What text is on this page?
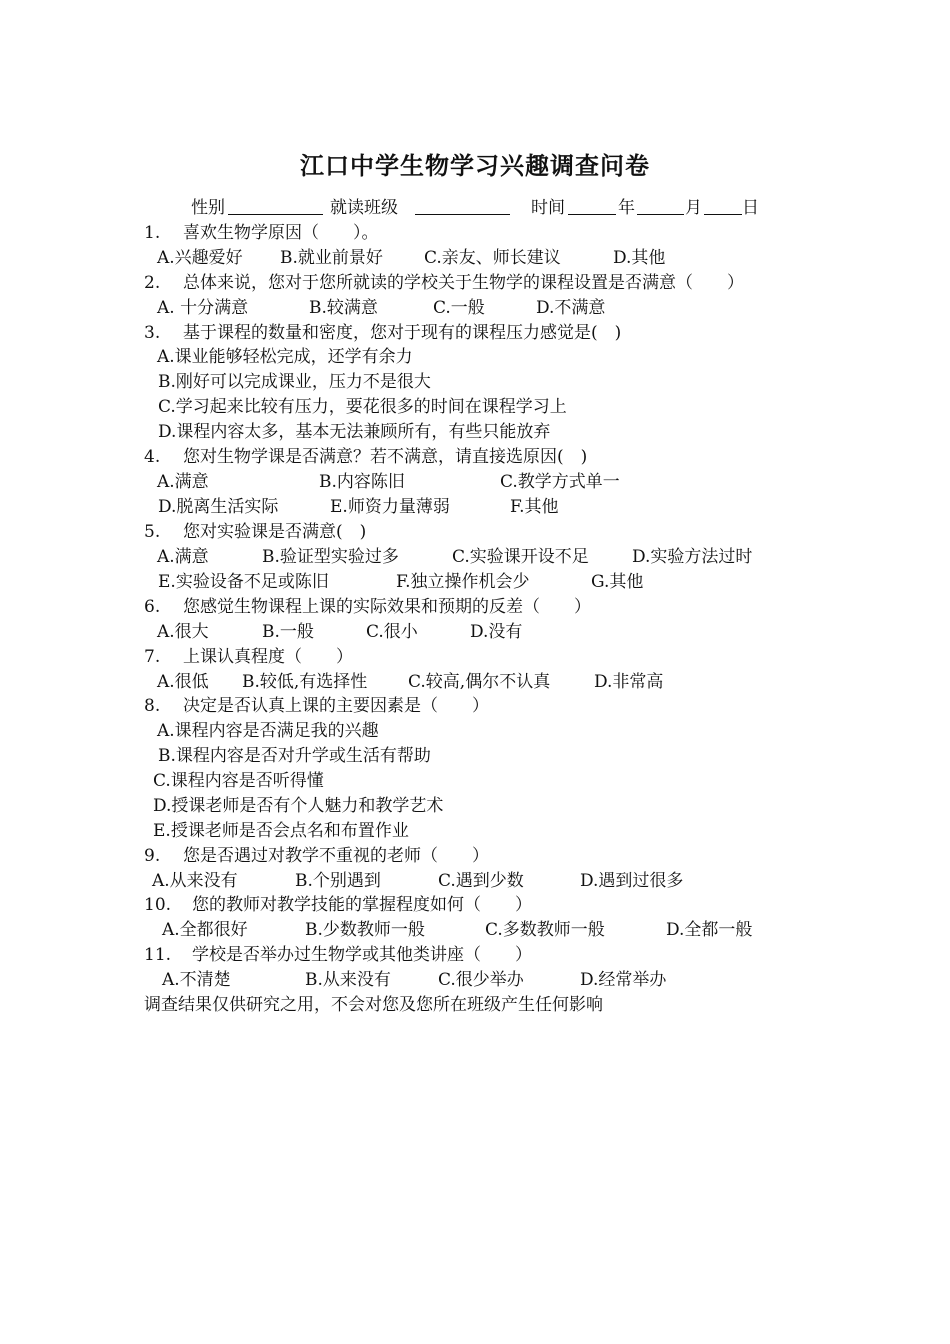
江口中学生物学习兴趣调查问卷
性别	就读班级	时间	年	月 日
1. 喜欢生物学原因（　　）。
A.兴趣爱好 B.就业前景好 C.亲友、师长建议	D.其他
2. 总体来说，您对于您所就读的学校关于生物学的课程设置是否满意（　　）
A. 十分满意	B.较满意	C.一般	D.不满意
3. 基于课程的数量和密度，您对于现有的课程压力感觉是(　)
A.课业能够轻松完成，还学有余力
B.刚好可以完成课业，压力不是很大
C.学习起来比较有压力，要花很多的时间在课程学习上
D.课程内容太多，基本无法兼顾所有，有些只能放弃
4. 您对生物学课是否满意？若不满意，请直接选原因(　)
A.满意	B.内容陈旧	C.教学方式单一
D.脱离生活实际	E.师资力量薄弱	F.其他
5. 您对实验课是否满意(　)
A.满意	B.验证型实验过多	C.实验课开设不足	D.实验方法过时
E.实验设备不足或陈旧	F.独立操作机会少	G.其他
6. 您感觉生物课程上课的实际效果和预期的反差（　　）
A.很大	B.一般	C.很小	D.没有
7. 上课认真程度（　　）
A.很低 B.较低,有选择性 C.较高,偶尔不认真	D.非常高
8. 决定是否认真上课的主要因素是（　　）
A.课程内容是否满足我的兴趣
B.课程内容是否对升学或生活有帮助
C.课程内容是否听得懂
D.授课老师是否有个人魅力和教学艺术
E.授课老师是否会点名和布置作业
9. 您是否遇过对教学不重视的老师（　　）
A.从来没有	B.个别遇到	C.遇到少数	D.遇到过很多
10. 您的教师对教学技能的掌握程度如何（　　）
A.全都很好	B.少数教师一般	C.多数教师一般	D.全都一般
11. 学校是否举办过生物学或其他类讲座（　　）
A.不清楚	B.从来没有	C.很少举办	D.经常举办
调查结果仅供研究之用，不会对您及您所在班级产生任何影响
